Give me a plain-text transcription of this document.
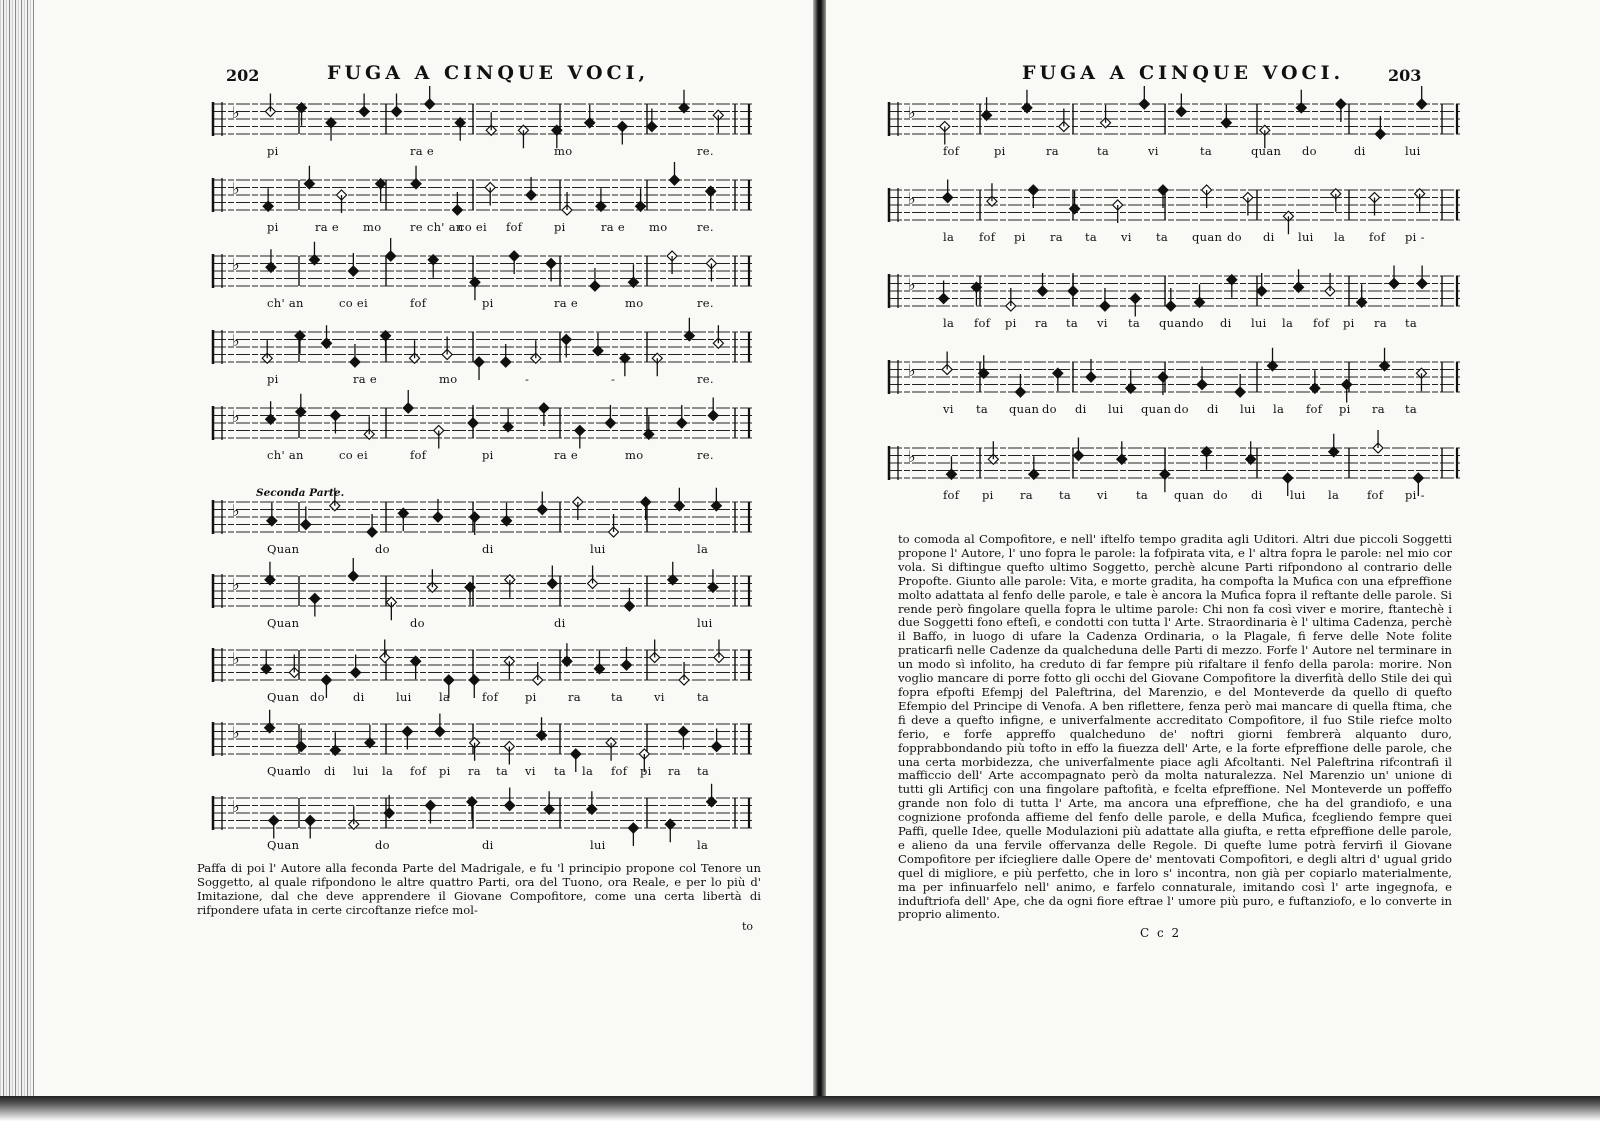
202	FUGA A CINQUE VOCI,
♭
pi	ra e	mo	re.
♭
pi	ra e mo re ch' an
co ei fof	pi	ra e mo	re.
♭
ch' an	co ei	fof	pi	ra e	mo	re.
♭
pi	ra e	mo	-	-	re.
♭
ch' an	co ei	fof	pi	ra e	mo	re.
Seconda Parte.
♭
Quan	do	di	lui	la
♭
Quan	do	di	lui
♭
Quan do di	lui la	fof pi	ra	ta	vi	ta
♭
Quan
do di lui la fof pi ra ta vi ta la fof pi ra ta
♭
Quan	do	di	lui	la

Paffa di poi l' Autore alla feconda Parte del Madrigale, e fu 'l principio propone col Tenore un Soggetto, al quale rifpondono le altre quattro Parti, ora del Tuono, ora Reale, e per lo più d' Imitazione, dal che deve apprendere il Giovane Compofitore, come una certa libertà di rifpondere ufata in certe circoftanze riefce mol-

to
FUGA A CINQUE VOCI.	203
♭
fof	pi	ra	ta	vi	ta	quan do	di	lui
♭
la fof pi ra ta vi ta quan do di lui la fof pi -
♭
la fof pi ra ta vi ta quan do di lui la fof pi ra ta
♭
vi ta quan do di lui quan do di lui la fof pi ra ta
♭
fof pi ra ta vi ta quan do di lui la fof pi -

to comoda al Compofitore, e nell' iftelfo tempo gradita agli Uditori. Altri due piccoli Soggetti propone l' Autore, l' uno fopra le parole: la fofpirata vita, e l' altra fopra le parole: nel mio cor vola. Si diftingue quefto ultimo Soggetto, perchè alcune Parti rifpondono al contrario delle Propofte. Giunto alle parole: Vita, e morte gradita, ha compofta la Mufica con una efpreffione molto adattata al fenfo delle parole, e tale è ancora la Mufica fopra il reftante delle parole. Si rende però fingolare quella fopra le ultime parole: Chi non fa così viver e morire, ftantechè i due Soggetti fono efteſi, e condotti con tutta l' Arte. Straordinaria è l' ultima Cadenza, perchè il Baffo, in luogo di ufare la Cadenza Ordinaria, o la Plagale, fi ferve delle Note folite praticarfi nelle Cadenze da qualcheduna delle Parti di mezzo. Forfe l' Autore nel terminare in un modo sì infolito, ha creduto di far fempre più rifaltare il fenfo della parola: morire. Non voglio mancare di porre fotto gli occhi del Giovane Compofitore la diverfità dello Stile dei quì fopra efpofti Efempj del Paleftrina, del Marenzio, e del Monteverde da quello di quefto Efempio del Principe di Venofa. A ben riflettere, fenza però mai mancare di quella ftima, che fi deve a quefto infigne, e univerfalmente accreditato Compofitore, il fuo Stile riefce molto ferio, e forfe appreffo qualcheduno de' noftri giorni fembrerà alquanto duro, fopprabbondando più tofto in effo la fiuezza dell' Arte, e la forte efpreffione delle parole, che una certa morbidezza, che univerfalmente piace agli Afcoltanti. Nel Paleftrina rifcontrafi il mafficcio dell' Arte accompagnato però da molta naturalezza. Nel Marenzio un' unione di tutti gli Artificj con una fingolare paftofità, e fcelta efpreffione. Nel Monteverde un poffeffo grande non folo di tutta l' Arte, ma ancora una efpreffione, che ha del grandiofo, e una cognizione profonda affieme del fenfo delle parole, e della Mufica, fcegliendo fempre quei Paffi, quelle Idee, quelle Modulazioni più adattate alla giufta, e retta efpreffione delle parole, e alieno da una fervile offervanza delle Regole. Di quefte lume potrà fervirfi il Giovane Compofitore per ifciegliere dalle Opere de' mentovati Compofitori, e degli altri d' ugual grido quel di migliore, e più perfetto, che in loro s' incontra, non già per copiarlo materialmente, ma per infinuarfelo nell' animo, e farfelo connaturale, imitando così l' arte ingegnofa, e induftriofa dell' Ape, che da ogni fiore eftrae l' umore più puro, e fuftanziofo, e lo converte in proprio alimento.

C c 2
